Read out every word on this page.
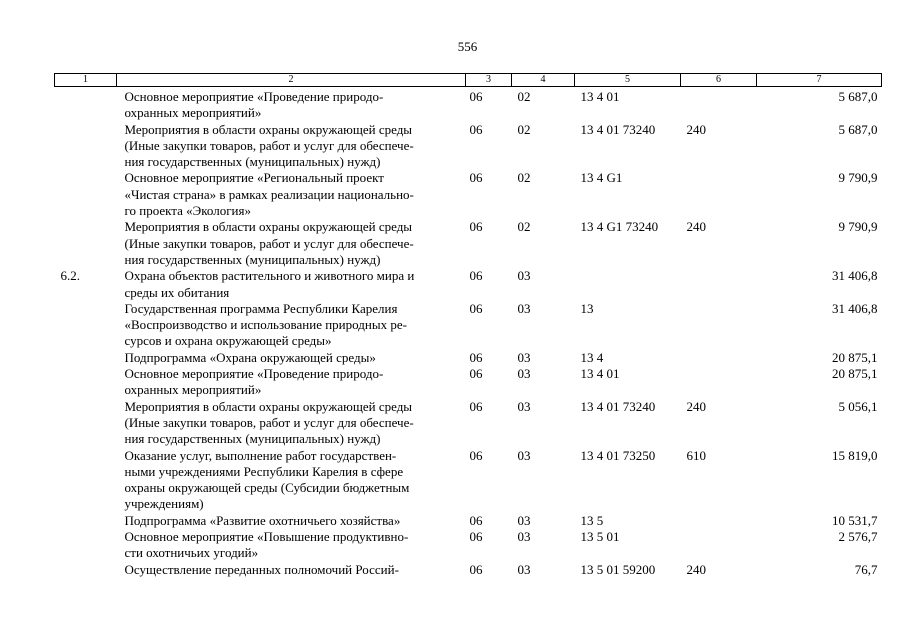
556
1	2	3	4	5	6	7
	Основное мероприятие «Проведение природо-
охранных мероприятий»	06	02	13 4 01		5 687,0
	Мероприятия в области охраны окружающей среды
(Иные закупки товаров, работ и услуг для обеспече-
ния государственных (муниципальных) нужд)	06	02	13 4 01 73240	240	5 687,0
	Основное мероприятие «Региональный проект
«Чистая страна» в рамках реализации национально-
го проекта «Экология»	06	02	13 4 G1		9 790,9
	Мероприятия в области охраны окружающей среды
(Иные закупки товаров, работ и услуг для обеспече-
ния государственных (муниципальных) нужд)	06	02	13 4 G1 73240	240	9 790,9
6.2.	Охрана объектов растительного и животного мира и
среды их обитания	06	03			31 406,8
	Государственная программа Республики Карелия
«Воспроизводство и использование природных ре-
сурсов и охрана окружающей среды»	06	03	13		31 406,8
	Подпрограмма «Охрана окружающей среды»	06	03	13 4		20 875,1
	Основное мероприятие «Проведение природо-
охранных мероприятий»	06	03	13 4 01		20 875,1
	Мероприятия в области охраны окружающей среды
(Иные закупки товаров, работ и услуг для обеспече-
ния государственных (муниципальных) нужд)	06	03	13 4 01 73240	240	5 056,1
	Оказание услуг, выполнение работ государствен-
ными учреждениями Республики Карелия в сфере
охраны окружающей среды (Субсидии бюджетным
учреждениям)	06	03	13 4 01 73250	610	15 819,0
	Подпрограмма «Развитие охотничьего хозяйства»	06	03	13 5		10 531,7
	Основное мероприятие «Повышение продуктивно-
сти охотничьих угодий»	06	03	13 5 01		2 576,7
	Осуществление переданных полномочий Россий-	06	03	13 5 01 59200	240	76,7
